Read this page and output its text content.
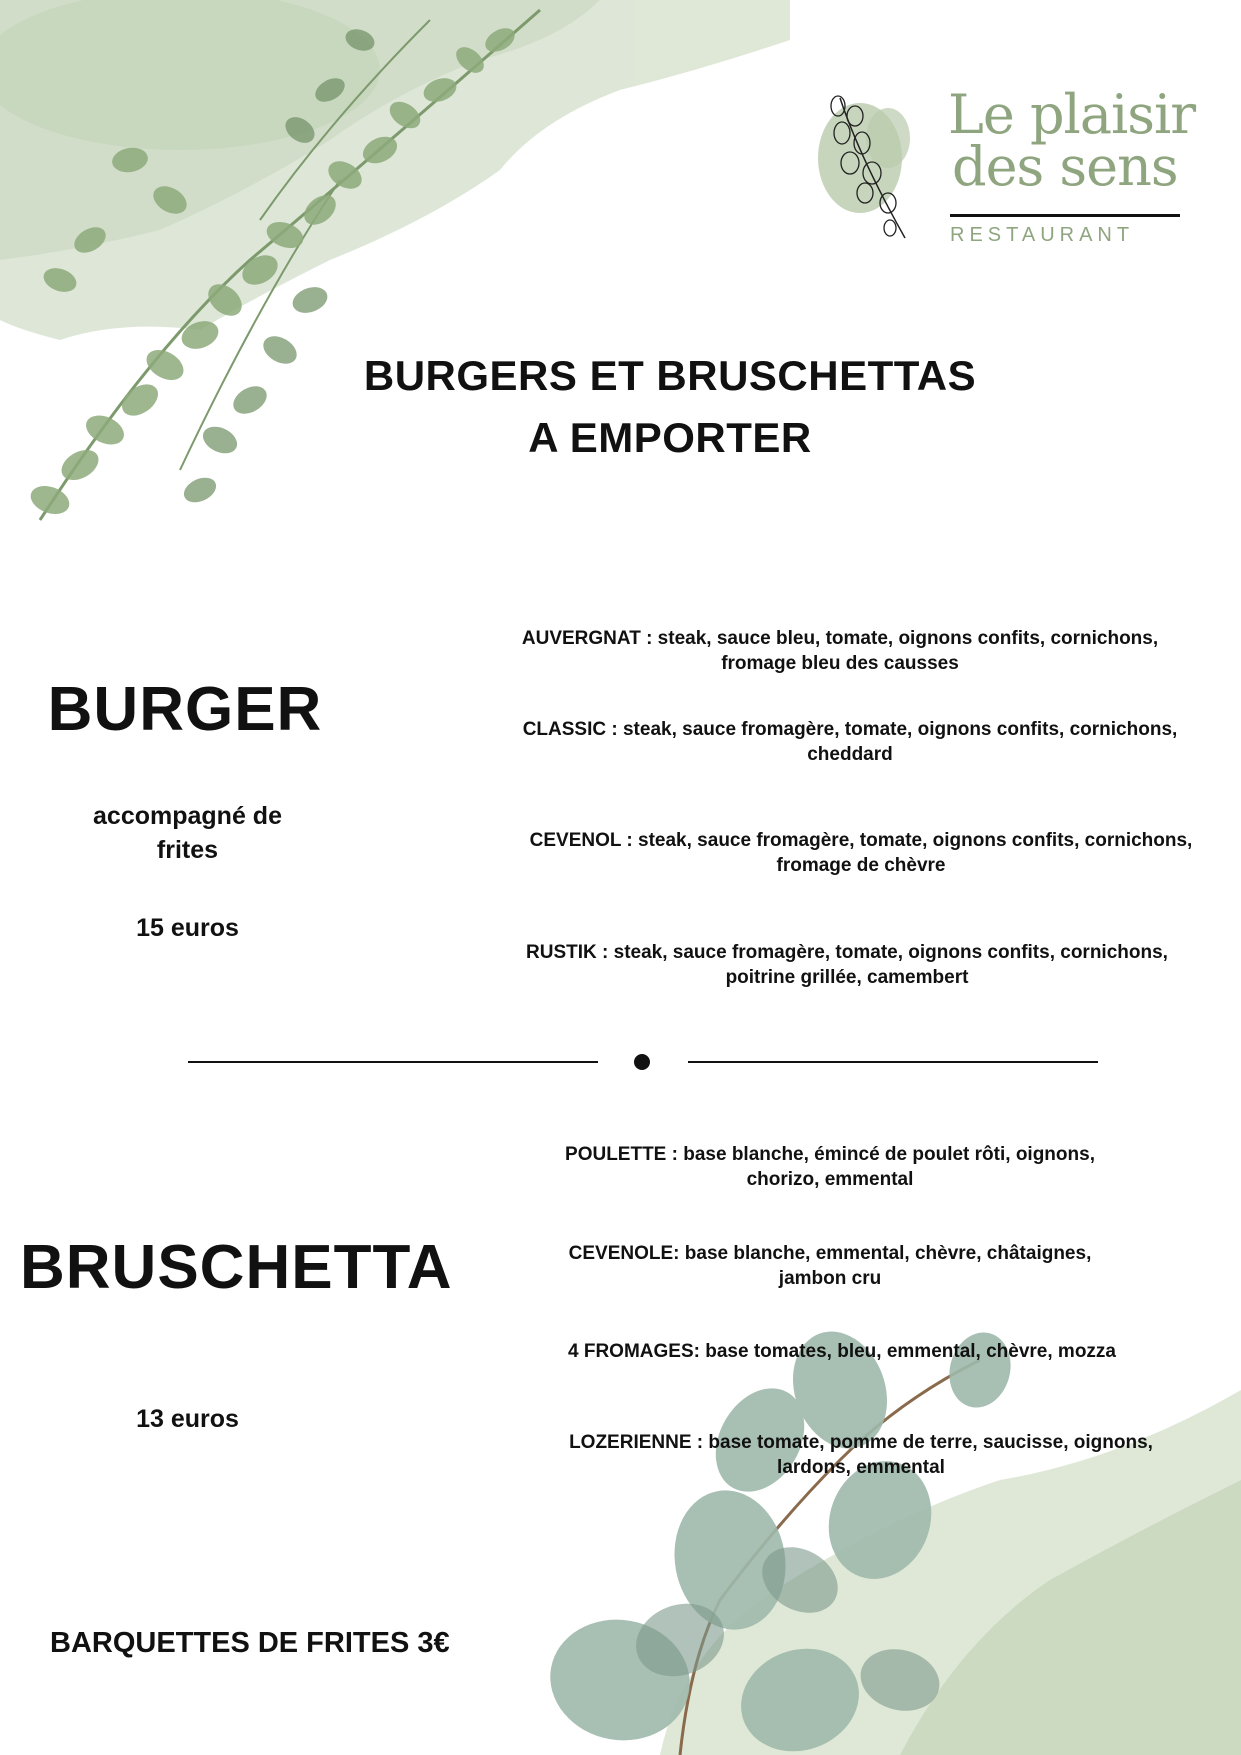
Le plaisir
des sens
RESTAURANT
BURGERS ET BRUSCHETTAS
A EMPORTER
BURGER
accompagné de
frites
15 euros
AUVERGNAT : steak, sauce bleu, tomate, oignons confits, cornichons,
fromage bleu des causses
CLASSIC : steak, sauce fromagère, tomate, oignons confits, cornichons,
cheddard
CEVENOL : steak, sauce fromagère, tomate, oignons confits, cornichons,
fromage de chèvre
RUSTIK : steak, sauce fromagère, tomate, oignons confits, cornichons,
poitrine grillée, camembert
BRUSCHETTA
13 euros
POULETTE : base blanche, émincé de poulet rôti, oignons,
chorizo, emmental
CEVENOLE: base blanche, emmental, chèvre, châtaignes,
jambon cru
4 FROMAGES: base tomates, bleu, emmental, chèvre, mozza
LOZERIENNE : base tomate, pomme de terre, saucisse, oignons,
lardons, emmental
BARQUETTES DE FRITES 3€
